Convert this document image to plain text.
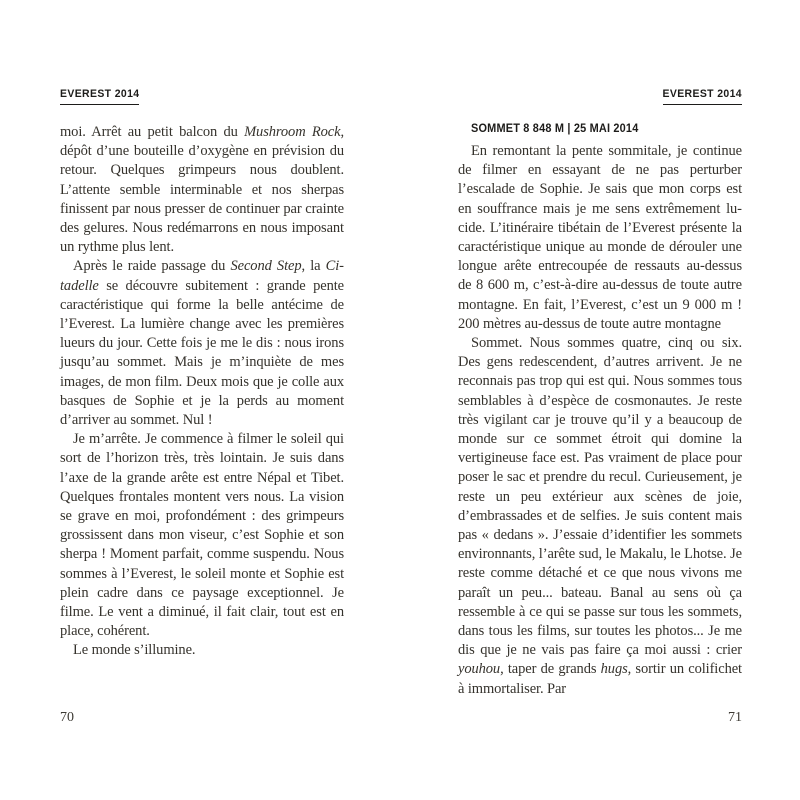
EVEREST 2014

moi. Arrêt au petit balcon du Mushroom Rock, dépôt d’une bouteille d’oxygène en prévision du retour. Quelques grimpeurs nous doublent. L’attente semble interminable et nos sherpas finissent par nous presser de continuer par crainte des gelures. Nous redémarrons en nous imposant un rythme plus lent.

Après le raide passage du Second Step, la Citadelle se découvre subitement : grande pente caractéristique qui forme la belle antécime de l’Everest. La lumière change avec les premières lueurs du jour. Cette fois je me le dis : nous irons jusqu’au sommet. Mais je m’inquiète de mes images, de mon film. Deux mois que je colle aux basques de Sophie et je la perds au moment d’arriver au sommet. Nul !

Je m’arrête. Je commence à filmer le soleil qui sort de l’horizon très, très lointain. Je suis dans l’axe de la grande arête est entre Népal et Tibet. Quelques frontales montent vers nous. La vision se grave en moi, profondément : des grimpeurs grossissent dans mon viseur, c’est Sophie et son sherpa ! Moment parfait, comme suspendu. Nous sommes à l’Everest, le soleil monte et Sophie est plein cadre dans ce paysage exceptionnel. Je filme. Le vent a diminué, il fait clair, tout est en place, cohérent.

Le monde s’illumine.

EVEREST 2014
SOMMET 8 848 M | 25 MAI 2014

En remontant la pente sommitale, je continue de filmer en essayant de ne pas perturber l’escalade de Sophie. Je sais que mon corps est en souffrance mais je me sens extrêmement lucide. L’itinéraire tibétain de l’Everest présente la caractéristique unique au monde de dérouler une longue arête entrecoupée de ressauts au-dessus de 8 600 m, c’est-à-dire au-dessus de toute autre montagne. En fait, l’Everest, c’est un 9 000 m ! 200 mètres au-dessus de toute autre montagne

Sommet. Nous sommes quatre, cinq ou six. Des gens redescendent, d’autres arrivent. Je ne reconnais pas trop qui est qui. Nous sommes tous semblables à d’espèce de cosmonautes. Je reste très vigilant car je trouve qu’il y a beaucoup de monde sur ce sommet étroit qui domine la vertigineuse face est. Pas vraiment de place pour poser le sac et prendre du recul. Curieusement, je reste un peu extérieur aux scènes de joie, d’embrassades et de selfies. Je suis content mais pas « dedans ». J’essaie d’identifier les sommets environnants, l’arête sud, le Makalu, le Lhotse. Je reste comme détaché et ce que nous vivons me paraît un peu... bateau. Banal au sens où ça ressemble à ce qui se passe sur tous les sommets, dans tous les films, sur toutes les photos... Je me dis que je ne vais pas faire ça moi aussi : crier youhou, taper de grands hugs, sortir un colifichet à immortaliser. Par

70	71
